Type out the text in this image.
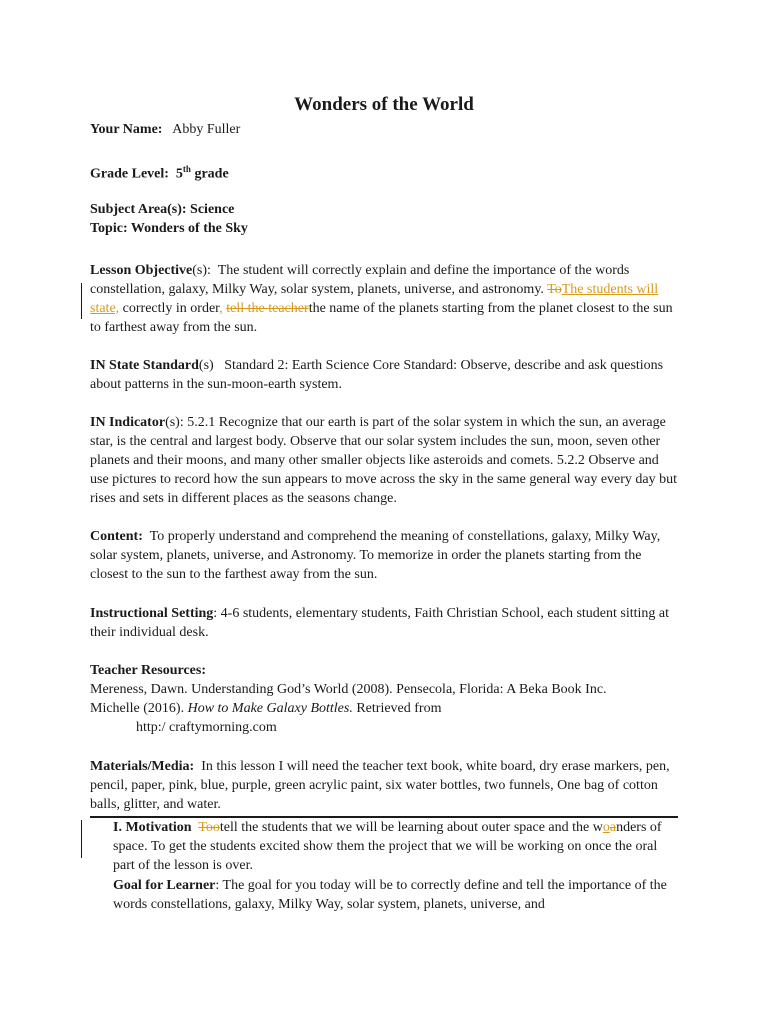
Wonders of the World
Your Name: Abby Fuller
Grade Level: 5th grade
Subject Area(s): Science
Topic: Wonders of the Sky
Lesson Objective(s): The student will correctly explain and define the importance of the words constellation, galaxy, Milky Way, solar system, planets, universe, and astronomy. ToThe students will state, correctly in order, tell the teacherthe name of the planets starting from the planet closest to the sun to farthest away from the sun.
IN State Standard(s) Standard 2: Earth Science Core Standard: Observe, describe and ask questions about patterns in the sun-moon-earth system.
IN Indicator(s): 5.2.1 Recognize that our earth is part of the solar system in which the sun, an average star, is the central and largest body. Observe that our solar system includes the sun, moon, seven other planets and their moons, and many other smaller objects like asteroids and comets. 5.2.2 Observe and use pictures to record how the sun appears to move across the sky in the same general way every day but rises and sets in different places as the seasons change.
Content: To properly understand and comprehend the meaning of constellations, galaxy, Milky Way, solar system, planets, universe, and Astronomy. To memorize in order the planets starting from the closest to the sun to the farthest away from the sun.
Instructional Setting: 4-6 students, elementary students, Faith Christian School, each student sitting at their individual desk.
Teacher Resources:
Mereness, Dawn. Understanding God’s World (2008). Pensecola, Florida: A Beka Book Inc.
Michelle (2016). How to Make Galaxy Bottles. Retrieved from
http:/ craftymorning.com
Materials/Media: In this lesson I will need the teacher text book, white board, dry erase markers, pen, pencil, paper, pink, blue, purple, green acrylic paint, six water bottles, two funnels, One bag of cotton balls, glitter, and water.
I. Motivation Tootell the students that we will be learning about outer space and the woanders of space. To get the students excited show them the project that we will be working on once the oral part of the lesson is over.
Goal for Learner: The goal for you today will be to correctly define and tell the importance of the words constellations, galaxy, Milky Way, solar system, planets, universe, and
